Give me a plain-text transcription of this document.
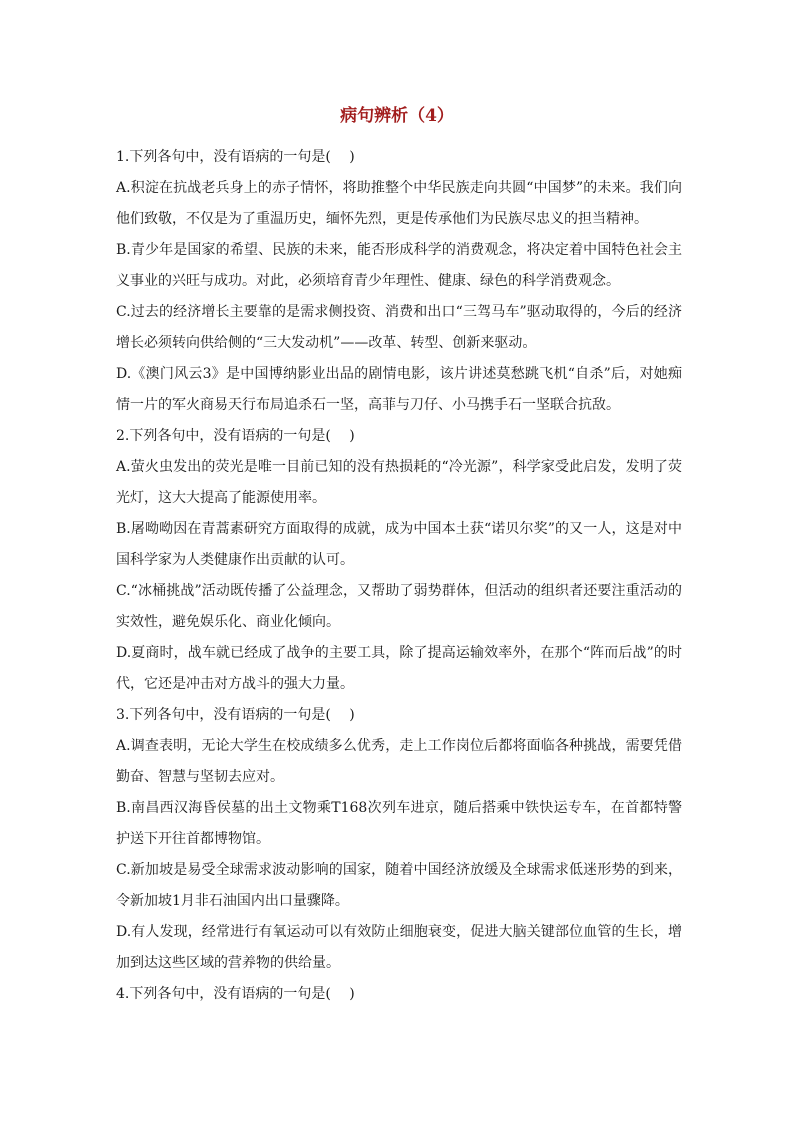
病句辨析（4）

1.下列各句中，没有语病的一句是(　 )

A.积淀在抗战老兵身上的赤子情怀，将助推整个中华民族走向共圆“中国梦”的未来。我们向他们致敬，不仅是为了重温历史，缅怀先烈，更是传承他们为民族尽忠义的担当精神。

B.青少年是国家的希望、民族的未来，能否形成科学的消费观念，将决定着中国特色社会主义事业的兴旺与成功。对此，必须培育青少年理性、健康、绿色的科学消费观念。

C.过去的经济增长主要靠的是需求侧投资、消费和出口“三驾马车”驱动取得的，今后的经济增长必须转向供给侧的“三大发动机”——改革、转型、创新来驱动。

D.《澳门风云3》是中国博纳影业出品的剧情电影，该片讲述莫愁跳飞机“自杀”后，对她痴情一片的军火商易天行布局追杀石一坚，高菲与刀仔、小马携手石一坚联合抗敌。

2.下列各句中，没有语病的一句是(　 )

A.萤火虫发出的荧光是唯一目前已知的没有热损耗的“冷光源”，科学家受此启发，发明了荧光灯，这大大提高了能源使用率。

B.屠呦呦因在青蒿素研究方面取得的成就，成为中国本土获“诺贝尔奖”的又一人，这是对中国科学家为人类健康作出贡献的认可。

C.“冰桶挑战”活动既传播了公益理念，又帮助了弱势群体，但活动的组织者还要注重活动的实效性，避免娱乐化、商业化倾向。

D.夏商时，战车就已经成了战争的主要工具，除了提高运输效率外，在那个“阵而后战”的时代，它还是冲击对方战斗的强大力量。

3.下列各句中，没有语病的一句是(　 )

A.调查表明，无论大学生在校成绩多么优秀，走上工作岗位后都将面临各种挑战，需要凭借勤奋、智慧与坚韧去应对。

B.南昌西汉海昏侯墓的出土文物乘T168次列车进京，随后搭乘中铁快运专车，在首都特警护送下开往首都博物馆。

C.新加坡是易受全球需求波动影响的国家，随着中国经济放缓及全球需求低迷形势的到来，令新加坡1月非石油国内出口量骤降。

D.有人发现，经常进行有氧运动可以有效防止细胞衰变，促进大脑关键部位血管的生长，增加到达这些区域的营养物的供给量。

4.下列各句中，没有语病的一句是(　 )
